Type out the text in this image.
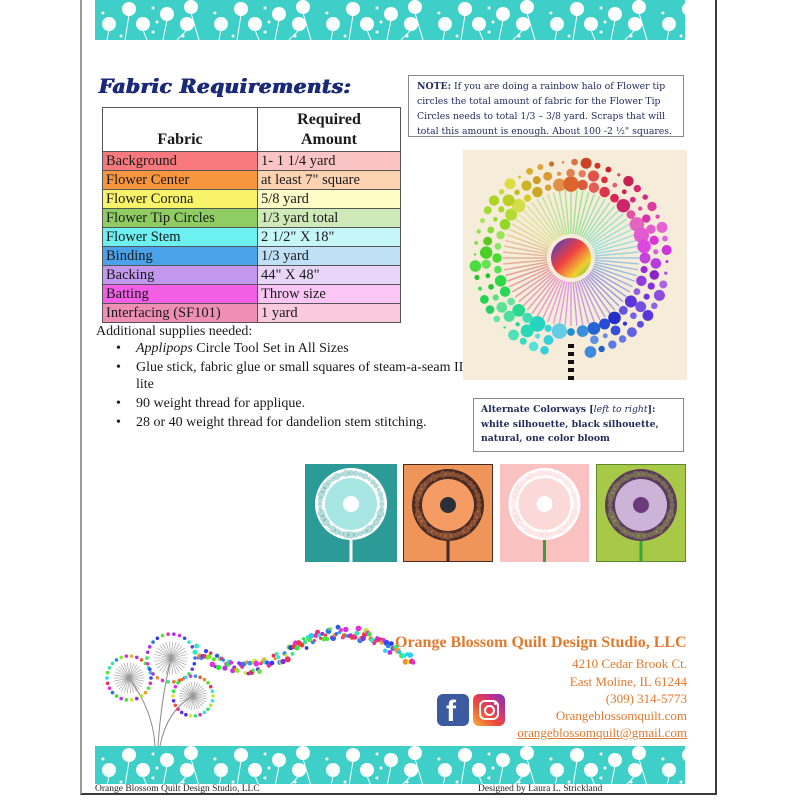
Fabric Requirements:
Fabric	Required
Amount

Background	1- 1 1/4 yard
Flower Center	at least 7" square
Flower Corona	5/8 yard
Flower Tip Circles	1/3 yard total
Flower Stem	2 1/2" X 18"
Binding	1/3 yard
Backing	44" X 48"
Batting	Throw size
Interfacing (SF101)	1 yard
Additional supplies needed:
• Applipops Circle Tool Set in All Sizes
• Glue stick, fabric glue or small squares of steam-a-seam II lite
• 90 weight thread for applique.
• 28 or 40 weight thread for dandelion stem stitching.
NOTE: If you are doing a rainbow halo of Flower tip circles the total amount of fabric for the Flower Tip Circles needs to total 1/3 – 3/8 yard. Scraps that will total this amount is enough. About 100 -2 ½" squares.
Alternate Colorways [left to right]:
white silhouette, black silhouette, natural, one color bloom
Orange Blossom Quilt Design Studio, LLC
4210 Cedar Brook Ct.
East Moline, IL 61244
(309) 314-5773
Orangeblossomquilt.com
orangeblossomquilt@gmail.com
f
Orange Blossom Quilt Design Studio, LLC	Designed by Laura L. Strickland
